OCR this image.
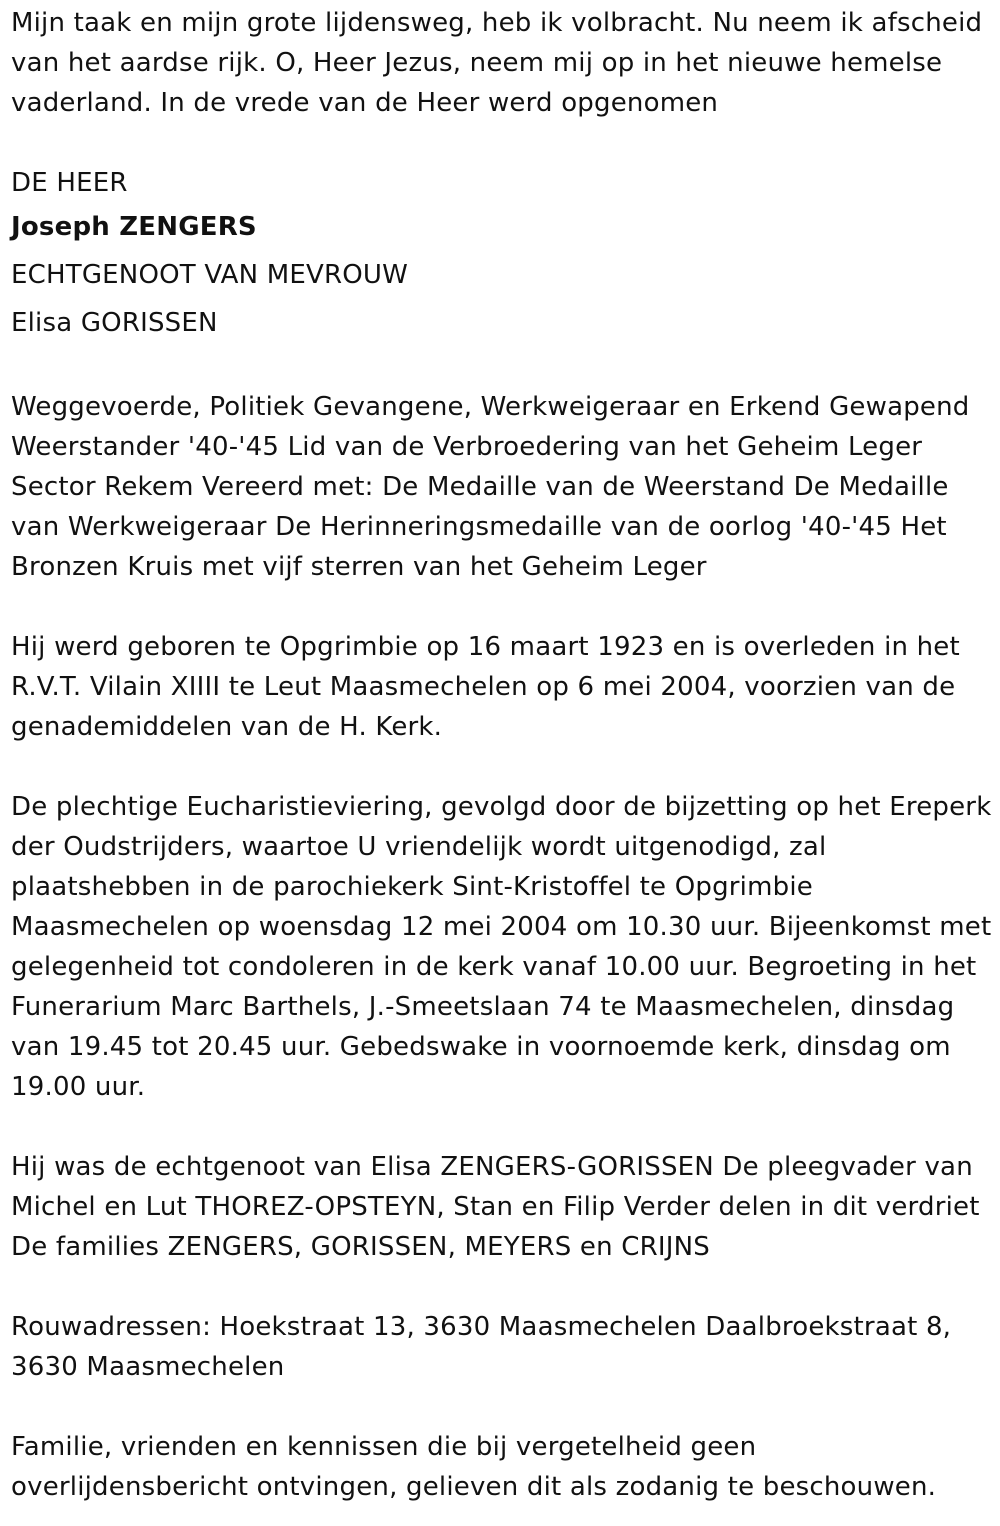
Mijn taak en mijn grote lijdensweg, heb ik volbracht. Nu neem ik afscheid van het aardse rijk. O, Heer Jezus, neem mij op in het nieuwe hemelse vaderland. In de vrede van de Heer werd opgenomen

DE HEER

Joseph ZENGERS

ECHTGENOOT VAN MEVROUW

Elisa GORISSEN

Weggevoerde, Politiek Gevangene, Werkweigeraar en Erkend Gewapend Weerstander '40-'45 Lid van de Verbroedering van het Geheim Leger Sector Rekem Vereerd met: De Medaille van de Weerstand De Medaille van Werkweigeraar De Herinneringsmedaille van de oorlog '40-'45 Het Bronzen Kruis met vijf sterren van het Geheim Leger

Hij werd geboren te Opgrimbie op 16 maart 1923 en is overleden in het R.V.T. Vilain XIIII te Leut Maasmechelen op 6 mei 2004, voorzien van de genademiddelen van de H. Kerk.

De plechtige Eucharistieviering, gevolgd door de bijzetting op het Ereperk der Oudstrijders, waartoe U vriendelijk wordt uitgenodigd, zal plaatshebben in de parochiekerk Sint-Kristoffel te Opgrimbie Maasmechelen op woensdag 12 mei 2004 om 10.30 uur. Bijeenkomst met gelegenheid tot condoleren in de kerk vanaf 10.00 uur. Begroeting in het Funerarium Marc Barthels, J.-Smeetslaan 74 te Maasmechelen, dinsdag van 19.45 tot 20.45 uur. Gebedswake in voornoemde kerk, dinsdag om 19.00 uur.

Hij was de echtgenoot van Elisa ZENGERS-GORISSEN De pleegvader van Michel en Lut THOREZ-OPSTEYN, Stan en Filip Verder delen in dit verdriet De families ZENGERS, GORISSEN, MEYERS en CRIJNS

Rouwadressen: Hoekstraat 13, 3630 Maasmechelen Daalbroekstraat 8, 3630 Maasmechelen

Familie, vrienden en kennissen die bij vergetelheid geen overlijdensbericht ontvingen, gelieven dit als zodanig te beschouwen.
